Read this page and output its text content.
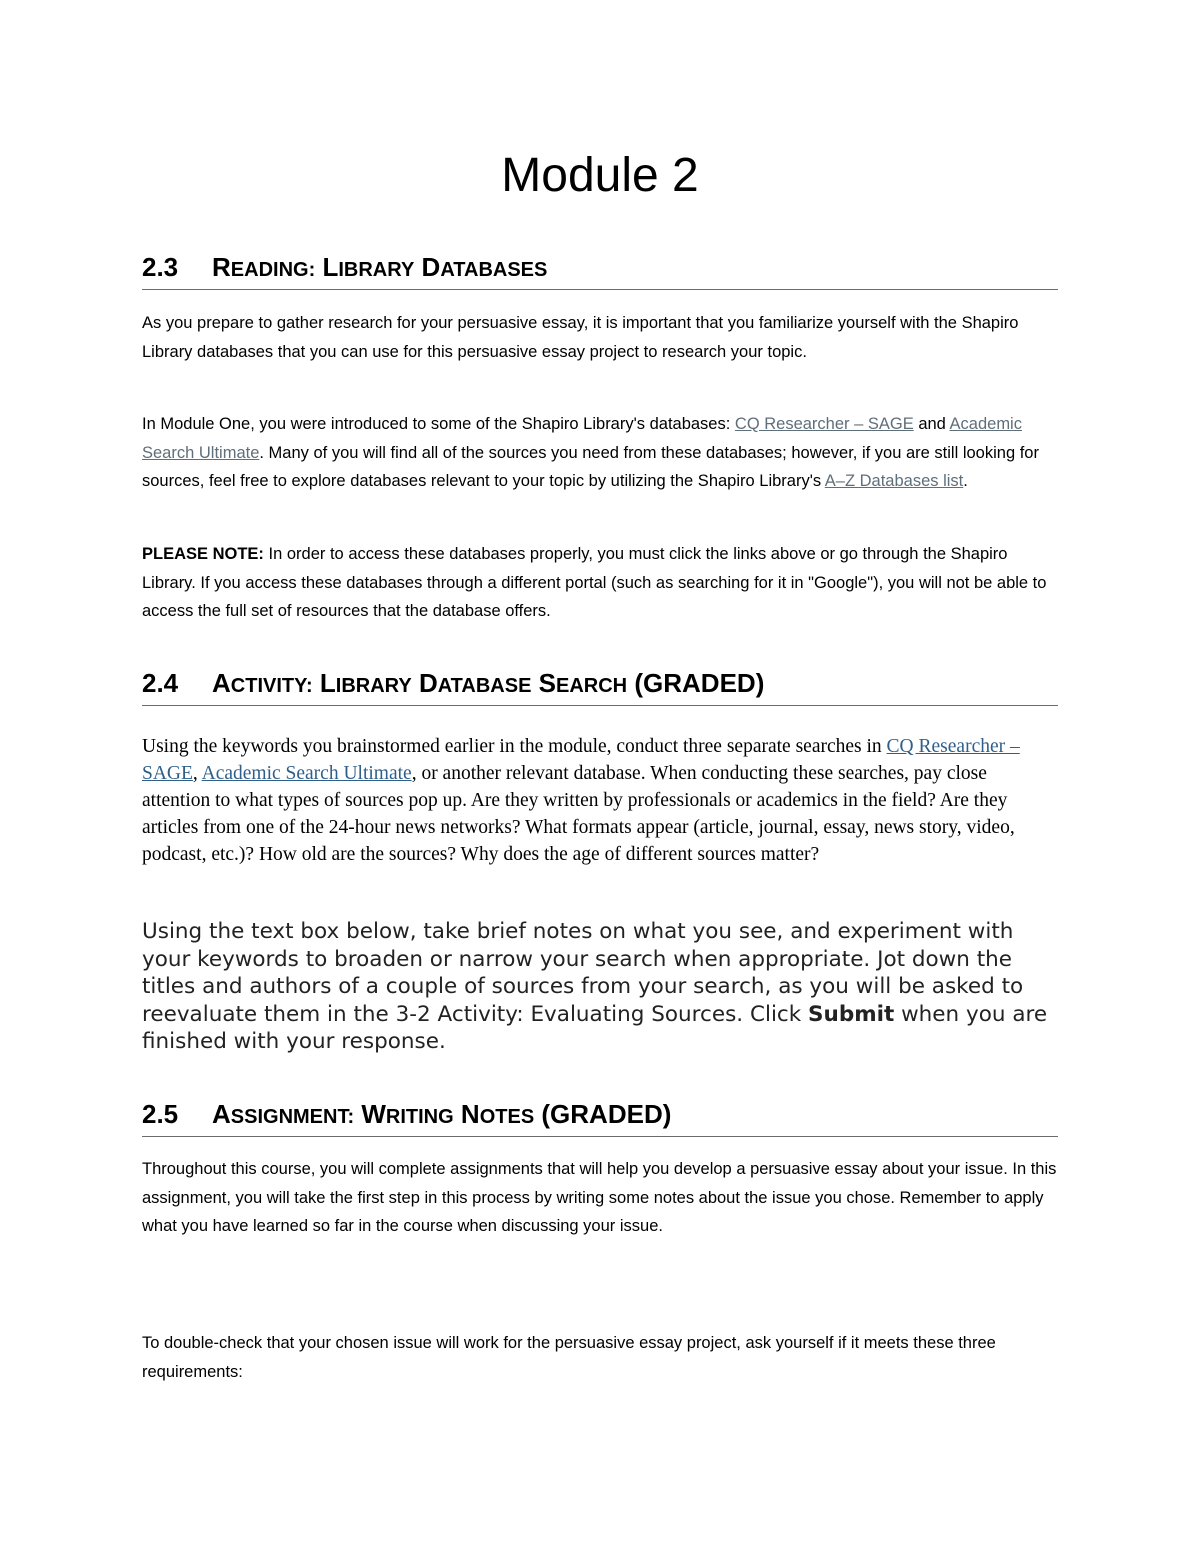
Module 2
2.3 READING: LIBRARY DATABASES

As you prepare to gather research for your persuasive essay, it is important that you familiarize yourself with the Shapiro Library databases that you can use for this persuasive essay project to research your topic.

In Module One, you were introduced to some of the Shapiro Library's databases: CQ Researcher – SAGE and Academic Search Ultimate. Many of you will find all of the sources you need from these databases; however, if you are still looking for sources, feel free to explore databases relevant to your topic by utilizing the Shapiro Library's A–Z Databases list.

PLEASE NOTE: In order to access these databases properly, you must click the links above or go through the Shapiro Library. If you access these databases through a different portal (such as searching for it in "Google"), you will not be able to access the full set of resources that the database offers.

2.4 ACTIVITY: LIBRARY DATABASE SEARCH (GRADED)

Using the keywords you brainstormed earlier in the module, conduct three separate searches in CQ Researcher – SAGE, Academic Search Ultimate, or another relevant database. When conducting these searches, pay close attention to what types of sources pop up. Are they written by professionals or academics in the field? Are they articles from one of the 24-hour news networks? What formats appear (article, journal, essay, news story, video, podcast, etc.)? How old are the sources? Why does the age of different sources matter?

Using the text box below, take brief notes on what you see, and experiment with your keywords to broaden or narrow your search when appropriate. Jot down the titles and authors of a couple of sources from your search, as you will be asked to reevaluate them in the 3-2 Activity: Evaluating Sources. Click Submit when you are finished with your response.

2.5 ASSIGNMENT: WRITING NOTES (GRADED)

Throughout this course, you will complete assignments that will help you develop a persuasive essay about your issue. In this assignment, you will take the first step in this process by writing some notes about the issue you chose. Remember to apply what you have learned so far in the course when discussing your issue.

To double-check that your chosen issue will work for the persuasive essay project, ask yourself if it meets these three requirements:
